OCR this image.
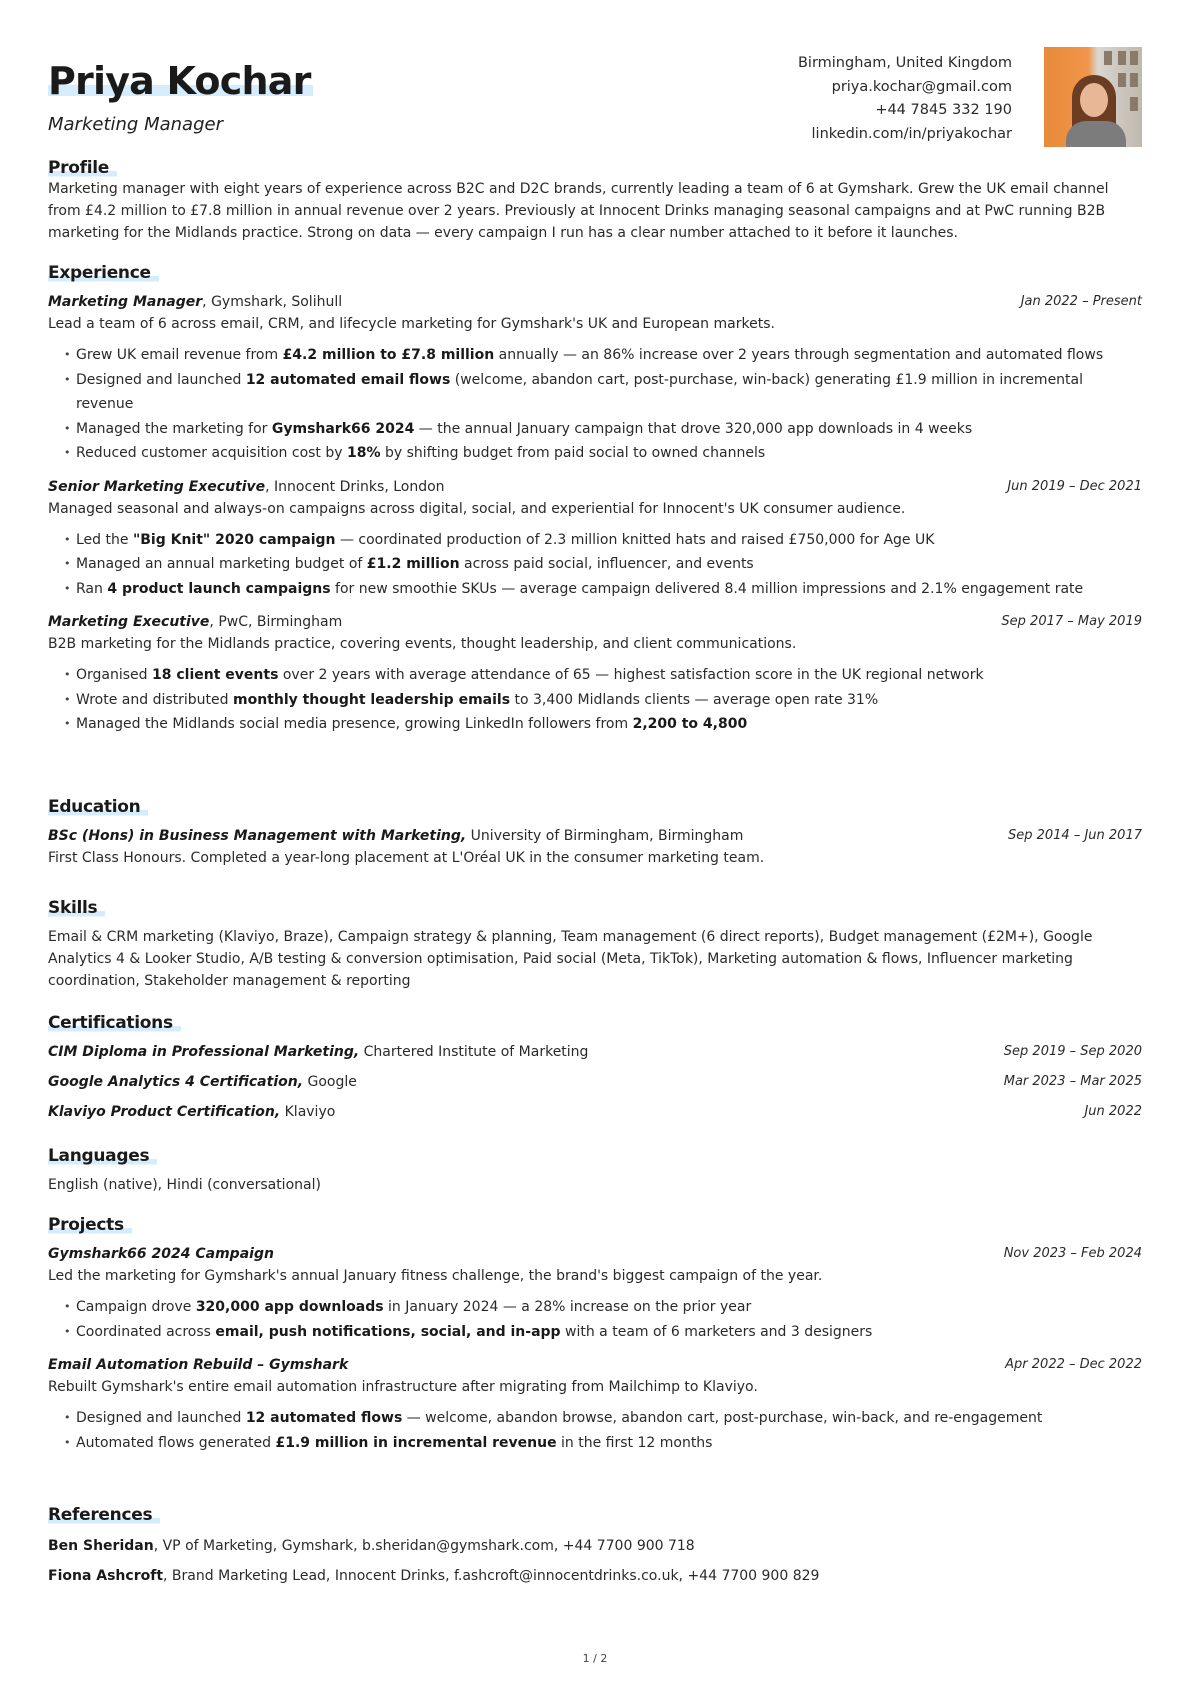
Priya Kochar
Marketing Manager
Birmingham, United Kingdom
priya.kochar@gmail.com
+44 7845 332 190
linkedin.com/in/priyakochar
Profile

Marketing manager with eight years of experience across B2C and D2C brands, currently leading a team of 6 at Gymshark. Grew the UK email channel from £4.2 million to £7.8 million in annual revenue over 2 years. Previously at Innocent Drinks managing seasonal campaigns and at PwC running B2B marketing for the Midlands practice. Strong on data — every campaign I run has a clear number attached to it before it launches.

Experience
Marketing Manager, Gymshark, Solihull	Jan 2022 – Present

Lead a team of 6 across email, CRM, and lifecycle marketing for Gymshark's UK and European markets.

• Grew UK email revenue from £4.2 million to £7.8 million annually — an 86% increase over 2 years through segmentation and automated flows
• Designed and launched 12 automated email flows (welcome, abandon cart, post-purchase, win-back) generating £1.9 million in incremental revenue
• Managed the marketing for Gymshark66 2024 — the annual January campaign that drove 320,000 app downloads in 4 weeks
• Reduced customer acquisition cost by 18% by shifting budget from paid social to owned channels
Senior Marketing Executive, Innocent Drinks, London	Jun 2019 – Dec 2021

Managed seasonal and always-on campaigns across digital, social, and experiential for Innocent's UK consumer audience.

• Led the "Big Knit" 2020 campaign — coordinated production of 2.3 million knitted hats and raised £750,000 for Age UK
• Managed an annual marketing budget of £1.2 million across paid social, influencer, and events
• Ran 4 product launch campaigns for new smoothie SKUs — average campaign delivered 8.4 million impressions and 2.1% engagement rate
Marketing Executive, PwC, Birmingham	Sep 2017 – May 2019

B2B marketing for the Midlands practice, covering events, thought leadership, and client communications.

• Organised 18 client events over 2 years with average attendance of 65 — highest satisfaction score in the UK regional network
• Wrote and distributed monthly thought leadership emails to 3,400 Midlands clients — average open rate 31%
• Managed the Midlands social media presence, growing LinkedIn followers from 2,200 to 4,800
Education
BSc (Hons) in Business Management with Marketing, University of Birmingham, Birmingham	Sep 2014 – Jun 2017

First Class Honours. Completed a year-long placement at L'Oréal UK in the consumer marketing team.

Skills

Email & CRM marketing (Klaviyo, Braze), Campaign strategy & planning, Team management (6 direct reports), Budget management (£2M+), Google Analytics 4 & Looker Studio, A/B testing & conversion optimisation, Paid social (Meta, TikTok), Marketing automation & flows, Influencer marketing coordination, Stakeholder management & reporting

Certifications
CIM Diploma in Professional Marketing, Chartered Institute of Marketing	Sep 2019 – Sep 2020
Google Analytics 4 Certification, Google	Mar 2023 – Mar 2025
Klaviyo Product Certification, Klaviyo	Jun 2022
Languages

English (native), Hindi (conversational)

Projects
Gymshark66 2024 Campaign	Nov 2023 – Feb 2024

Led the marketing for Gymshark's annual January fitness challenge, the brand's biggest campaign of the year.

• Campaign drove 320,000 app downloads in January 2024 — a 28% increase on the prior year
• Coordinated across email, push notifications, social, and in-app with a team of 6 marketers and 3 designers
Email Automation Rebuild – Gymshark	Apr 2022 – Dec 2022

Rebuilt Gymshark's entire email automation infrastructure after migrating from Mailchimp to Klaviyo.

• Designed and launched 12 automated flows — welcome, abandon browse, abandon cart, post-purchase, win-back, and re-engagement
• Automated flows generated £1.9 million in incremental revenue in the first 12 months
References
Ben Sheridan, VP of Marketing, Gymshark, b.sheridan@gymshark.com, +44 7700 900 718
Fiona Ashcroft, Brand Marketing Lead, Innocent Drinks, f.ashcroft@innocentdrinks.co.uk, +44 7700 900 829
1 / 2
